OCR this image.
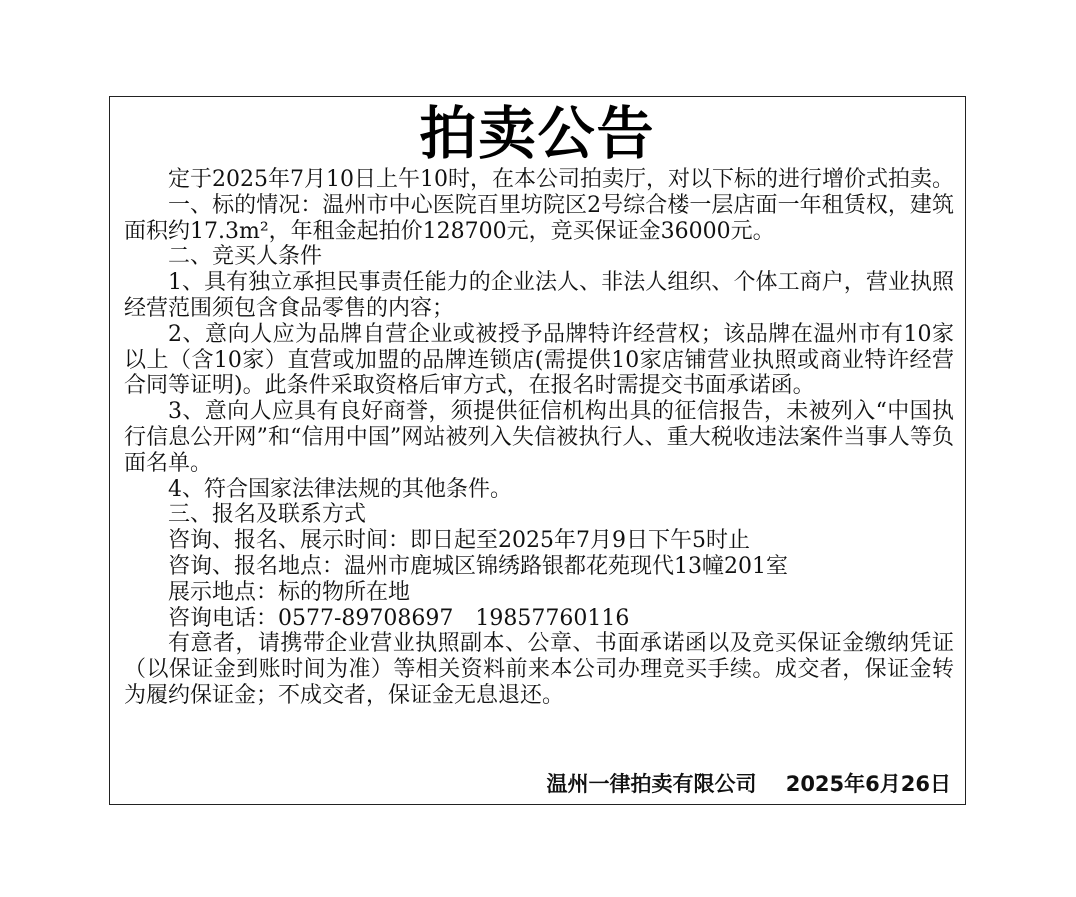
拍卖公告

定于2025年7月10日上午10时，在本公司拍卖厅，对以下标的进行增价式拍卖。

一、标的情况：温州市中心医院百里坊院区2号综合楼一层店面一年租赁权，建筑面积约17.3m²，年租金起拍价128700元，竞买保证金36000元。

二、竞买人条件

1、具有独立承担民事责任能力的企业法人、非法人组织、个体工商户，营业执照经营范围须包含食品零售的内容；

2、意向人应为品牌自营企业或被授予品牌特许经营权；该品牌在温州市有10家以上（含10家）直营或加盟的品牌连锁店(需提供10家店铺营业执照或商业特许经营合同等证明)。此条件采取资格后审方式，在报名时需提交书面承诺函。

3、意向人应具有良好商誉，须提供征信机构出具的征信报告，未被列入“中国执行信息公开网”和“信用中国”网站被列入失信被执行人、重大税收违法案件当事人等负面名单。

4、符合国家法律法规的其他条件。

三、报名及联系方式

咨询、报名、展示时间：即日起至2025年7月9日下午5时止

咨询、报名地点：温州市鹿城区锦绣路银都花苑现代13幢201室

展示地点：标的物所在地

咨询电话：0577-89708697　19857760116

有意者，请携带企业营业执照副本、公章、书面承诺函以及竞买保证金缴纳凭证（以保证金到账时间为准）等相关资料前来本公司办理竞买手续。成交者，保证金转为履约保证金；不成交者，保证金无息退还。

温州一律拍卖有限公司 2025年6月26日
